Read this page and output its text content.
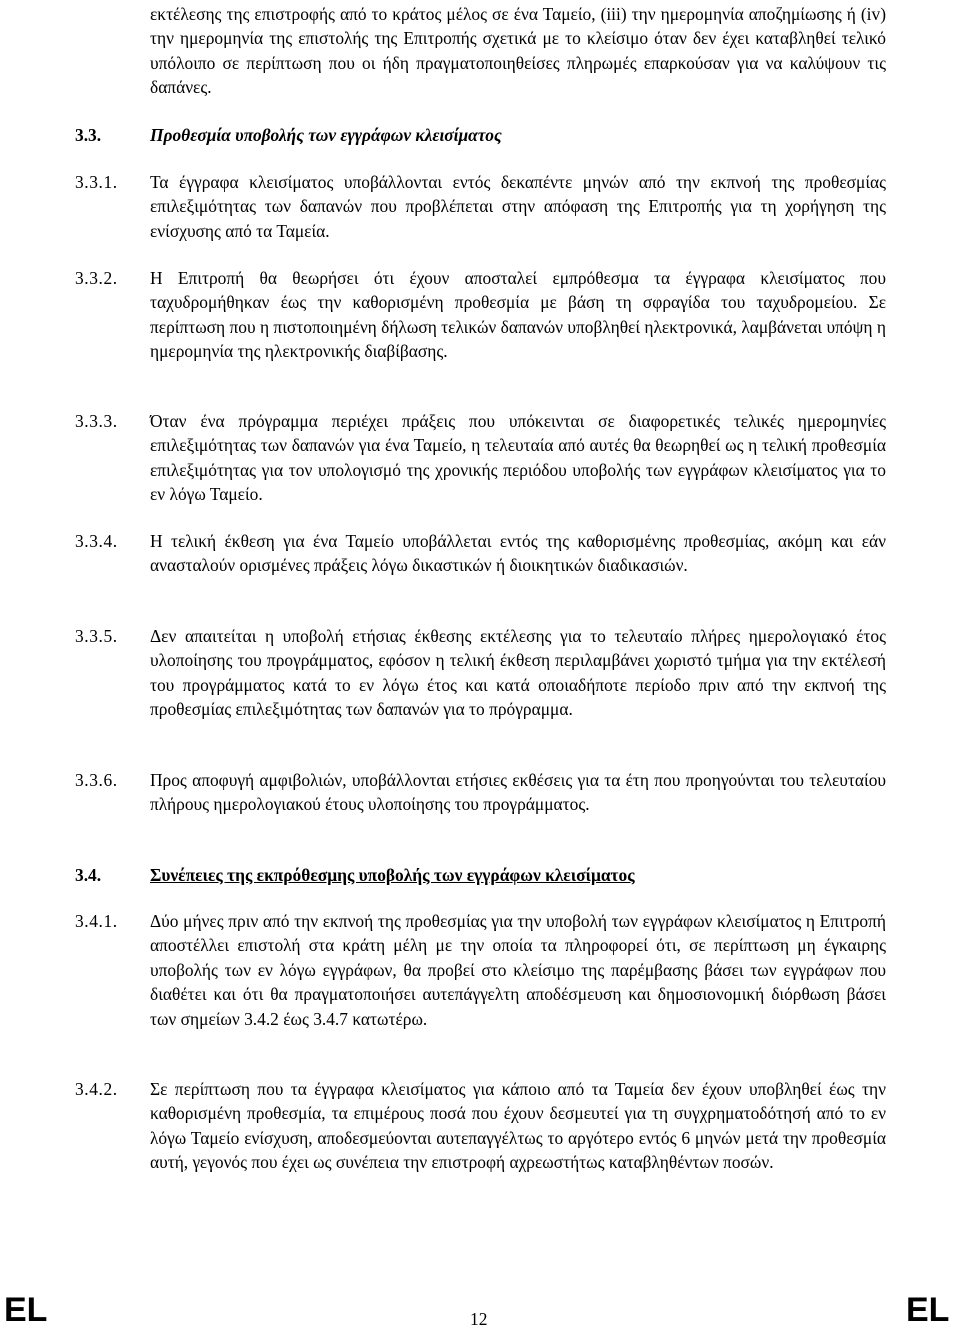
εκτέλεσης της επιστροφής από το κράτος μέλος σε ένα Ταμείο, (iii) την ημερομηνία αποζημίωσης ή (iv) την ημερομηνία της επιστολής της Επιτροπής σχετικά με το κλείσιμο όταν δεν έχει καταβληθεί τελικό υπόλοιπο σε περίπτωση που οι ήδη πραγματοποιηθείσες πληρωμές επαρκούσαν για να καλύψουν τις δαπάνες.
3.3.	Προθεσμία υποβολής των εγγράφων κλεισίματος
3.3.1. Τα έγγραφα κλεισίματος υποβάλλονται εντός δεκαπέντε μηνών από την εκπνοή της προθεσμίας επιλεξιμότητας των δαπανών που προβλέπεται στην απόφαση της Επιτροπής για τη χορήγηση της ενίσχυσης από τα Ταμεία.
3.3.2. Η Επιτροπή θα θεωρήσει ότι έχουν αποσταλεί εμπρόθεσμα τα έγγραφα κλεισίματος που ταχυδρομήθηκαν έως την καθορισμένη προθεσμία με βάση τη σφραγίδα του ταχυδρομείου. Σε περίπτωση που η πιστοποιημένη δήλωση τελικών δαπανών υποβληθεί ηλεκτρονικά, λαμβάνεται υπόψη η ημερομηνία της ηλεκτρονικής διαβίβασης.
3.3.3. Όταν ένα πρόγραμμα περιέχει πράξεις που υπόκεινται σε διαφορετικές τελικές ημερομηνίες επιλεξιμότητας των δαπανών για ένα Ταμείο, η τελευταία από αυτές θα θεωρηθεί ως η τελική προθεσμία επιλεξιμότητας για τον υπολογισμό της χρονικής περιόδου υποβολής των εγγράφων κλεισίματος για το εν λόγω Ταμείο.
3.3.4. Η τελική έκθεση για ένα Ταμείο υποβάλλεται εντός της καθορισμένης προθεσμίας, ακόμη και εάν ανασταλούν ορισμένες πράξεις λόγω δικαστικών ή διοικητικών διαδικασιών.
3.3.5. Δεν απαιτείται η υποβολή ετήσιας έκθεσης εκτέλεσης για το τελευταίο πλήρες ημερολογιακό έτος υλοποίησης του προγράμματος, εφόσον η τελική έκθεση περιλαμβάνει χωριστό τμήμα για την εκτέλεσή του προγράμματος κατά το εν λόγω έτος και κατά οποιαδήποτε περίοδο πριν από την εκπνοή της προθεσμίας επιλεξιμότητας των δαπανών για το πρόγραμμα.
3.3.6. Προς αποφυγή αμφιβολιών, υποβάλλονται ετήσιες εκθέσεις για τα έτη που προηγούνται του τελευταίου πλήρους ημερολογιακού έτους υλοποίησης του προγράμματος.
3.4.	Συνέπειες της εκπρόθεσμης υποβολής των εγγράφων κλεισίματος
3.4.1. Δύο μήνες πριν από την εκπνοή της προθεσμίας για την υποβολή των εγγράφων κλεισίματος η Επιτροπή αποστέλλει επιστολή στα κράτη μέλη με την οποία τα πληροφορεί ότι, σε περίπτωση μη έγκαιρης υποβολής των εν λόγω εγγράφων, θα προβεί στο κλείσιμο της παρέμβασης βάσει των εγγράφων που διαθέτει και ότι θα πραγματοποιήσει αυτεπάγγελτη αποδέσμευση και δημοσιονομική διόρθωση βάσει των σημείων 3.4.2 έως 3.4.7 κατωτέρω.
3.4.2. Σε περίπτωση που τα έγγραφα κλεισίματος για κάποιο από τα Ταμεία δεν έχουν υποβληθεί έως την καθορισμένη προθεσμία, τα επιμέρους ποσά που έχουν δεσμευτεί για τη συγχρηματοδότησή από το εν λόγω Ταμείο ενίσχυση, αποδεσμεύονται αυτεπαγγέλτως το αργότερο εντός 6 μηνών μετά την προθεσμία αυτή, γεγονός που έχει ως συνέπεια την επιστροφή αχρεωστήτως καταβληθέντων ποσών.
EL	12	EL
